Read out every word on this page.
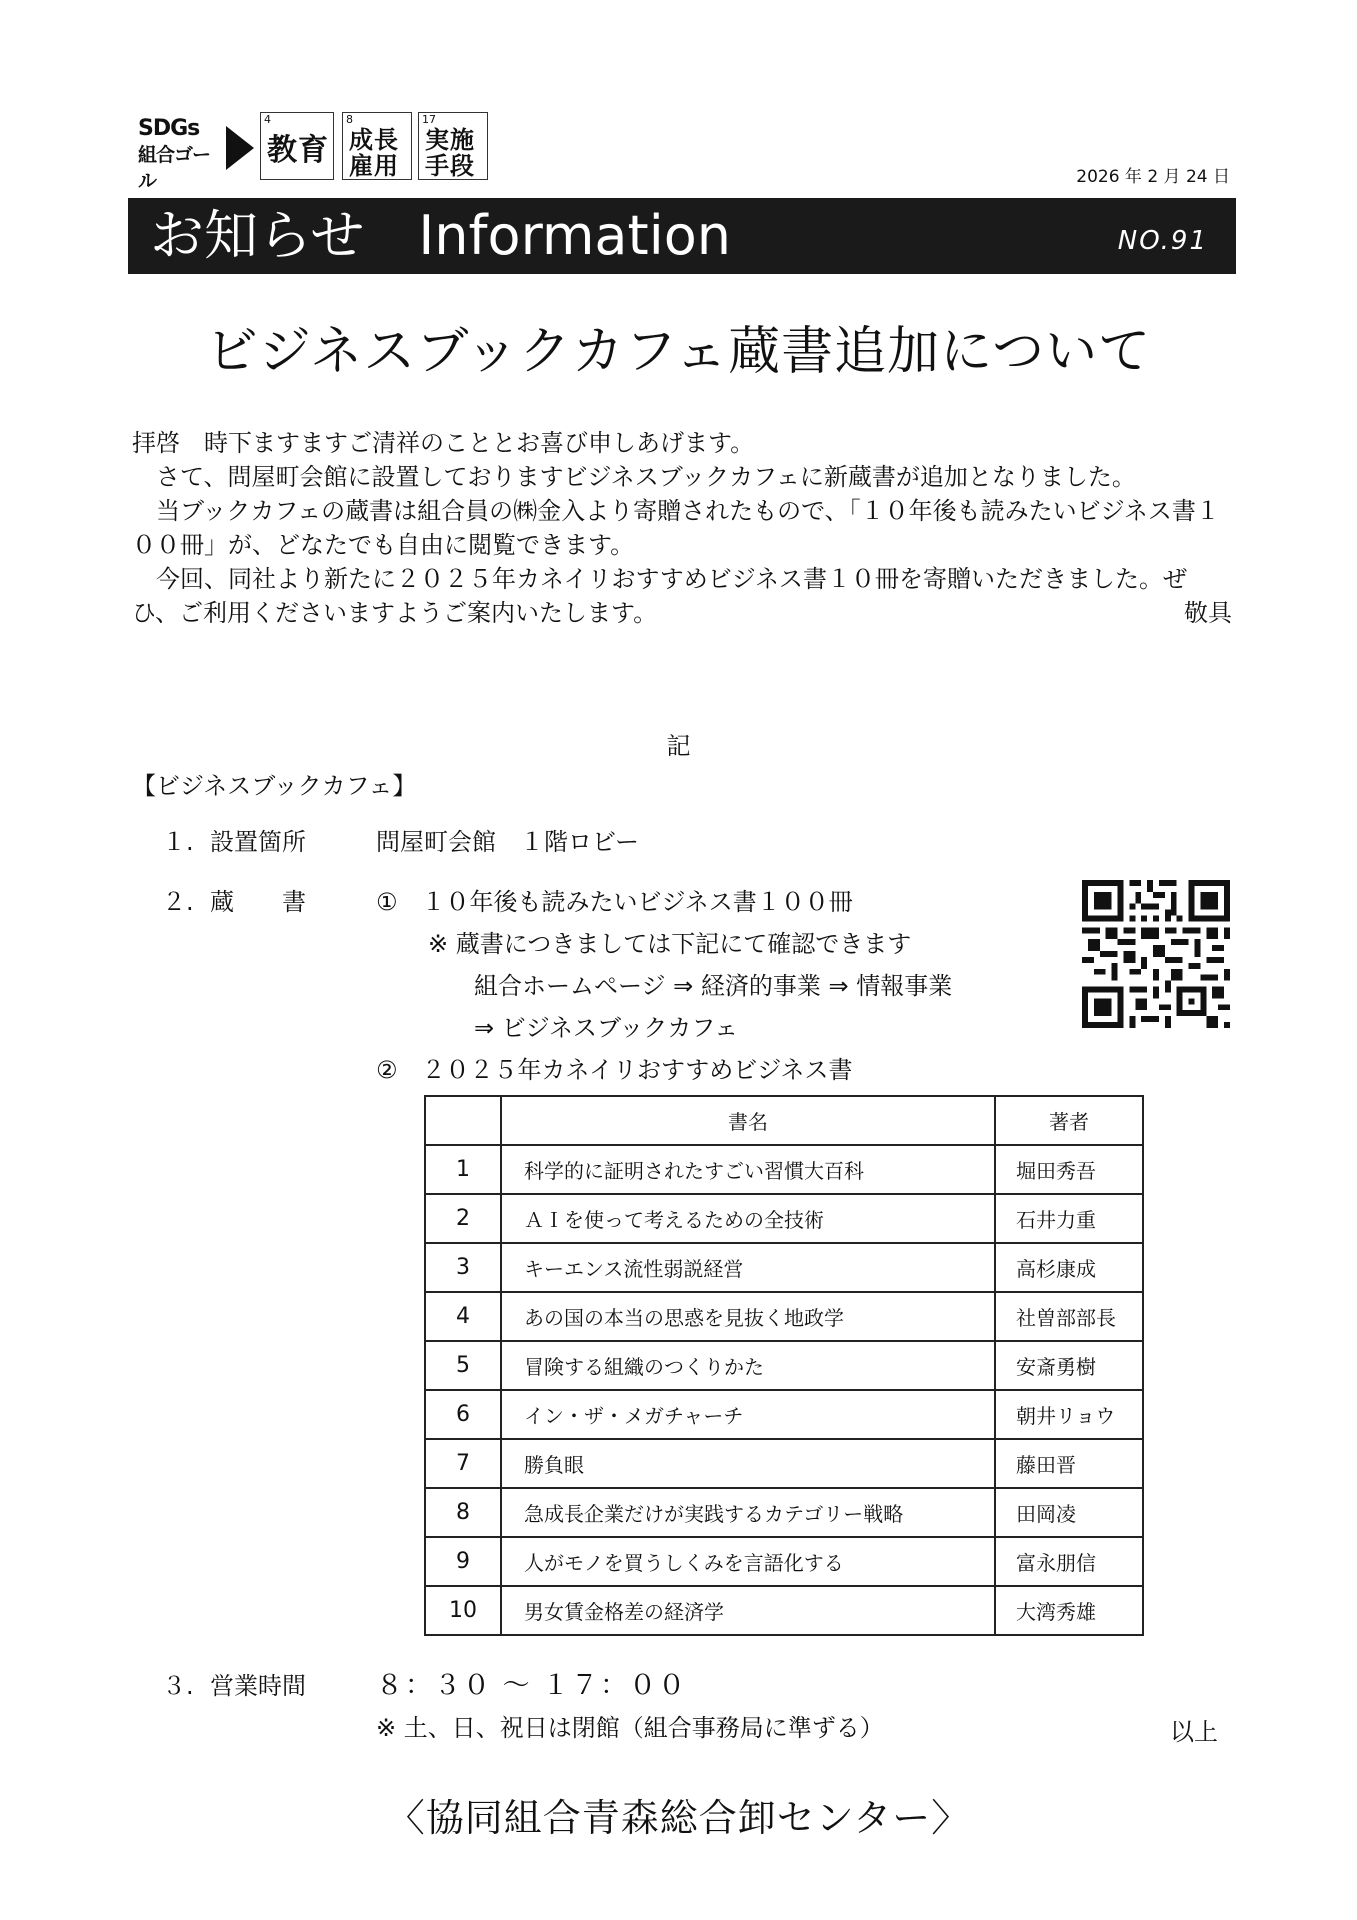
SDGs
組合ゴール
4
教育
8
成長
雇用
17
実施
手段	2026 年 2 月 24 日
お知らせ　Information	NO.91
ビジネスブックカフェ蔵書追加について

拝啓　時下ますますご清祥のこととお喜び申しあげます。

　さて、問屋町会館に設置しておりますビジネスブックカフェに新蔵書が追加となりました。

　当ブックカフェの蔵書は組合員の㈱金入より寄贈されたもので、「１０年後も読みたいビジネス書１００冊」が、どなたでも自由に閲覧できます。

　今回、同社より新たに２０２５年カネイリおすすめビジネス書１０冊を寄贈いただきました。ぜひ、ご利用くださいますようご案内いたします。	敬具

記
【ビジネスブックカフェ】
１. 設置箇所	問屋町会館　１階ロビー
２. 蔵　　書	①　１０年後も読みたいビジネス書１００冊
※ 蔵書につきましては下記にて確認できます
組合ホームページ ⇒ 経済的事業 ⇒ 情報事業
⇒ ビジネスブックカフェ
②　２０２５年カネイリおすすめビジネス書
	書名	著者
1	科学的に証明されたすごい習慣大百科	堀田秀吾
2	ＡＩを使って考えるための全技術	石井力重
3	キーエンス流性弱説経営	高杉康成
4	あの国の本当の思惑を見抜く地政学	社曽部部長
5	冒険する組織のつくりかた	安斎勇樹
6	イン・ザ・メガチャーチ	朝井リョウ
7	勝負眼	藤田晋
8	急成長企業だけが実践するカテゴリー戦略	田岡凌
9	人がモノを買うしくみを言語化する	富永朋信
10	男女賃金格差の経済学	大湾秀雄
３. 営業時間	８：３０ 〜 １７：００
※ 土、日、祝日は閉館（組合事務局に準ずる）	以上
〈協同組合青森総合卸センター〉
